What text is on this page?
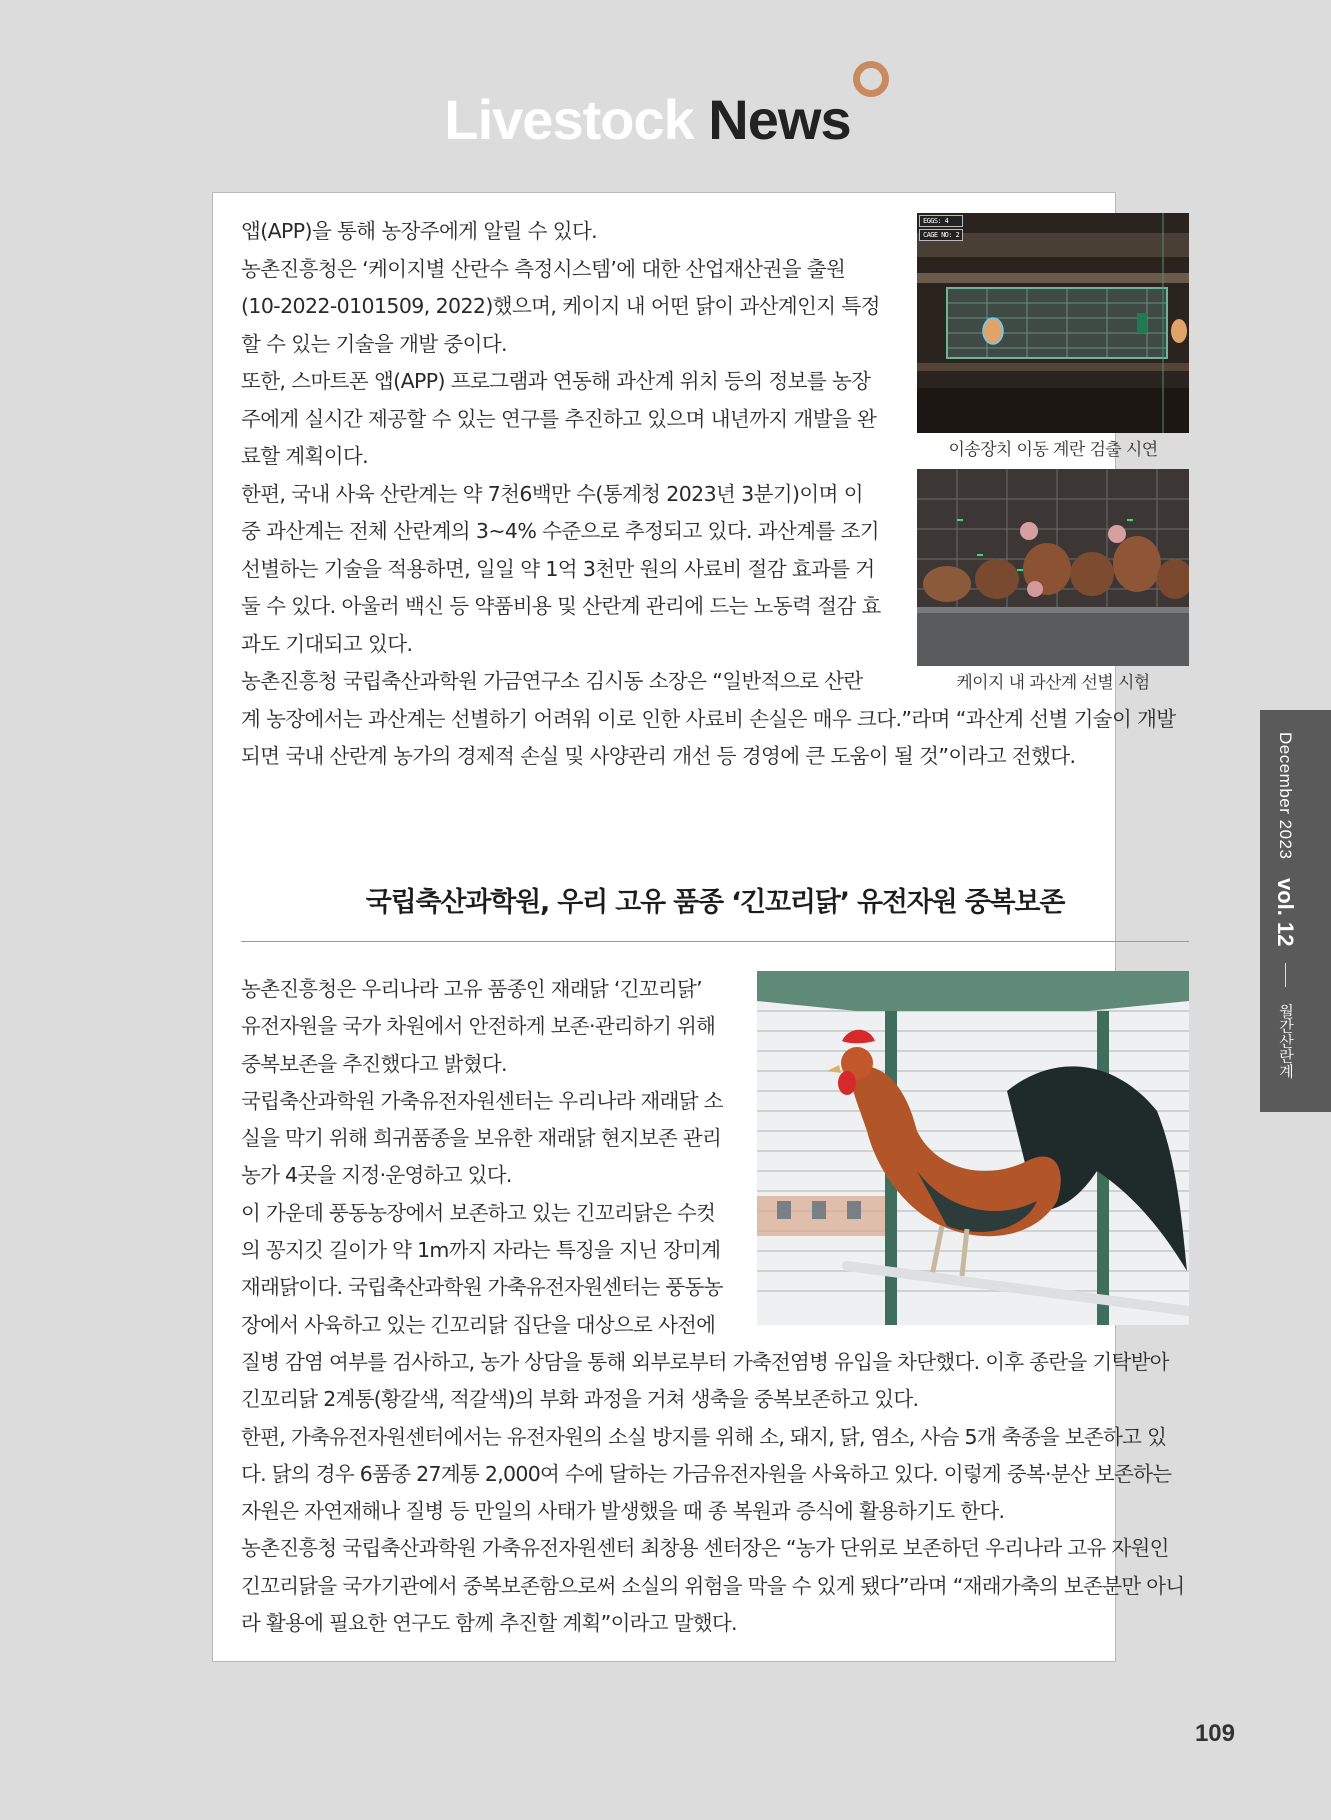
Livestock News
EGGS: 4
CAGE NO: 2
이송장치 이동 계란 검출 시연
케이지 내 과산계 선별 시험

앱(APP)을 통해 농장주에게 알릴 수 있다.

농촌진흥청은 ‘케이지별 산란수 측정시스템’에 대한 산업재산권을 출원(10-2022-0101509, 2022)했으며, 케이지 내 어떤 닭이 과산계인지 특정할 수 있는 기술을 개발 중이다.

또한, 스마트폰 앱(APP) 프로그램과 연동해 과산계 위치 등의 정보를 농장주에게 실시간 제공할 수 있는 연구를 추진하고 있으며 내년까지 개발을 완료할 계획이다.

한편, 국내 사육 산란계는 약 7천6백만 수(통계청 2023년 3분기)이며 이중 과산계는 전체 산란계의 3~4% 수준으로 추정되고 있다. 과산계를 조기 선별하는 기술을 적용하면, 일일 약 1억 3천만 원의 사료비 절감 효과를 거둘 수 있다. 아울러 백신 등 약품비용 및 산란계 관리에 드는 노동력 절감 효과도 기대되고 있다.

농촌진흥청 국립축산과학원 가금연구소 김시동 소장은 “일반적으로 산란계 농장에서는 과산계는 선별하기 어려워 이로 인한 사료비 손실은 매우 크다.”라며 “과산계 선별 기술이 개발되면 국내 산란계 농가의 경제적 손실 및 사양관리 개선 등 경영에 큰 도움이 될 것”이라고 전했다.

국립축산과학원, 우리 고유 품종 ‘긴꼬리닭’ 유전자원 중복보존

농촌진흥청은 우리나라 고유 품종인 재래닭 ‘긴꼬리닭’ 유전자원을 국가 차원에서 안전하게 보존·관리하기 위해 중복보존을 추진했다고 밝혔다.

국립축산과학원 가축유전자원센터는 우리나라 재래닭 소실을 막기 위해 희귀품종을 보유한 재래닭 현지보존 관리 농가 4곳을 지정·운영하고 있다.

이 가운데 풍동농장에서 보존하고 있는 긴꼬리닭은 수컷의 꽁지깃 길이가 약 1m까지 자라는 특징을 지닌 장미계 재래닭이다. 국립축산과학원 가축유전자원센터는 풍동농장에서 사육하고 있는 긴꼬리닭 집단을 대상으로 사전에 질병 감염 여부를 검사하고, 농가 상담을 통해 외부로부터 가축전염병 유입을 차단했다. 이후 종란을 기탁받아 긴꼬리닭 2계통(황갈색, 적갈색)의 부화 과정을 거쳐 생축을 중복보존하고 있다.

한편, 가축유전자원센터에서는 유전자원의 소실 방지를 위해 소, 돼지, 닭, 염소, 사슴 5개 축종을 보존하고 있다. 닭의 경우 6품종 27계통 2,000여 수에 달하는 가금유전자원을 사육하고 있다. 이렇게 중복·분산 보존하는 자원은 자연재해나 질병 등 만일의 사태가 발생했을 때 종 복원과 증식에 활용하기도 한다.

농촌진흥청 국립축산과학원 가축유전자원센터 최창용 센터장은 “농가 단위로 보존하던 우리나라 고유 자원인 긴꼬리닭을 국가기관에서 중복보존함으로써 소실의 위험을 막을 수 있게 됐다”라며 “재래가축의 보존분만 아니라 활용에 필요한 연구도 함께 추진할 계획”이라고 말했다.

December 2023 vol. 12  월간산란계
109
